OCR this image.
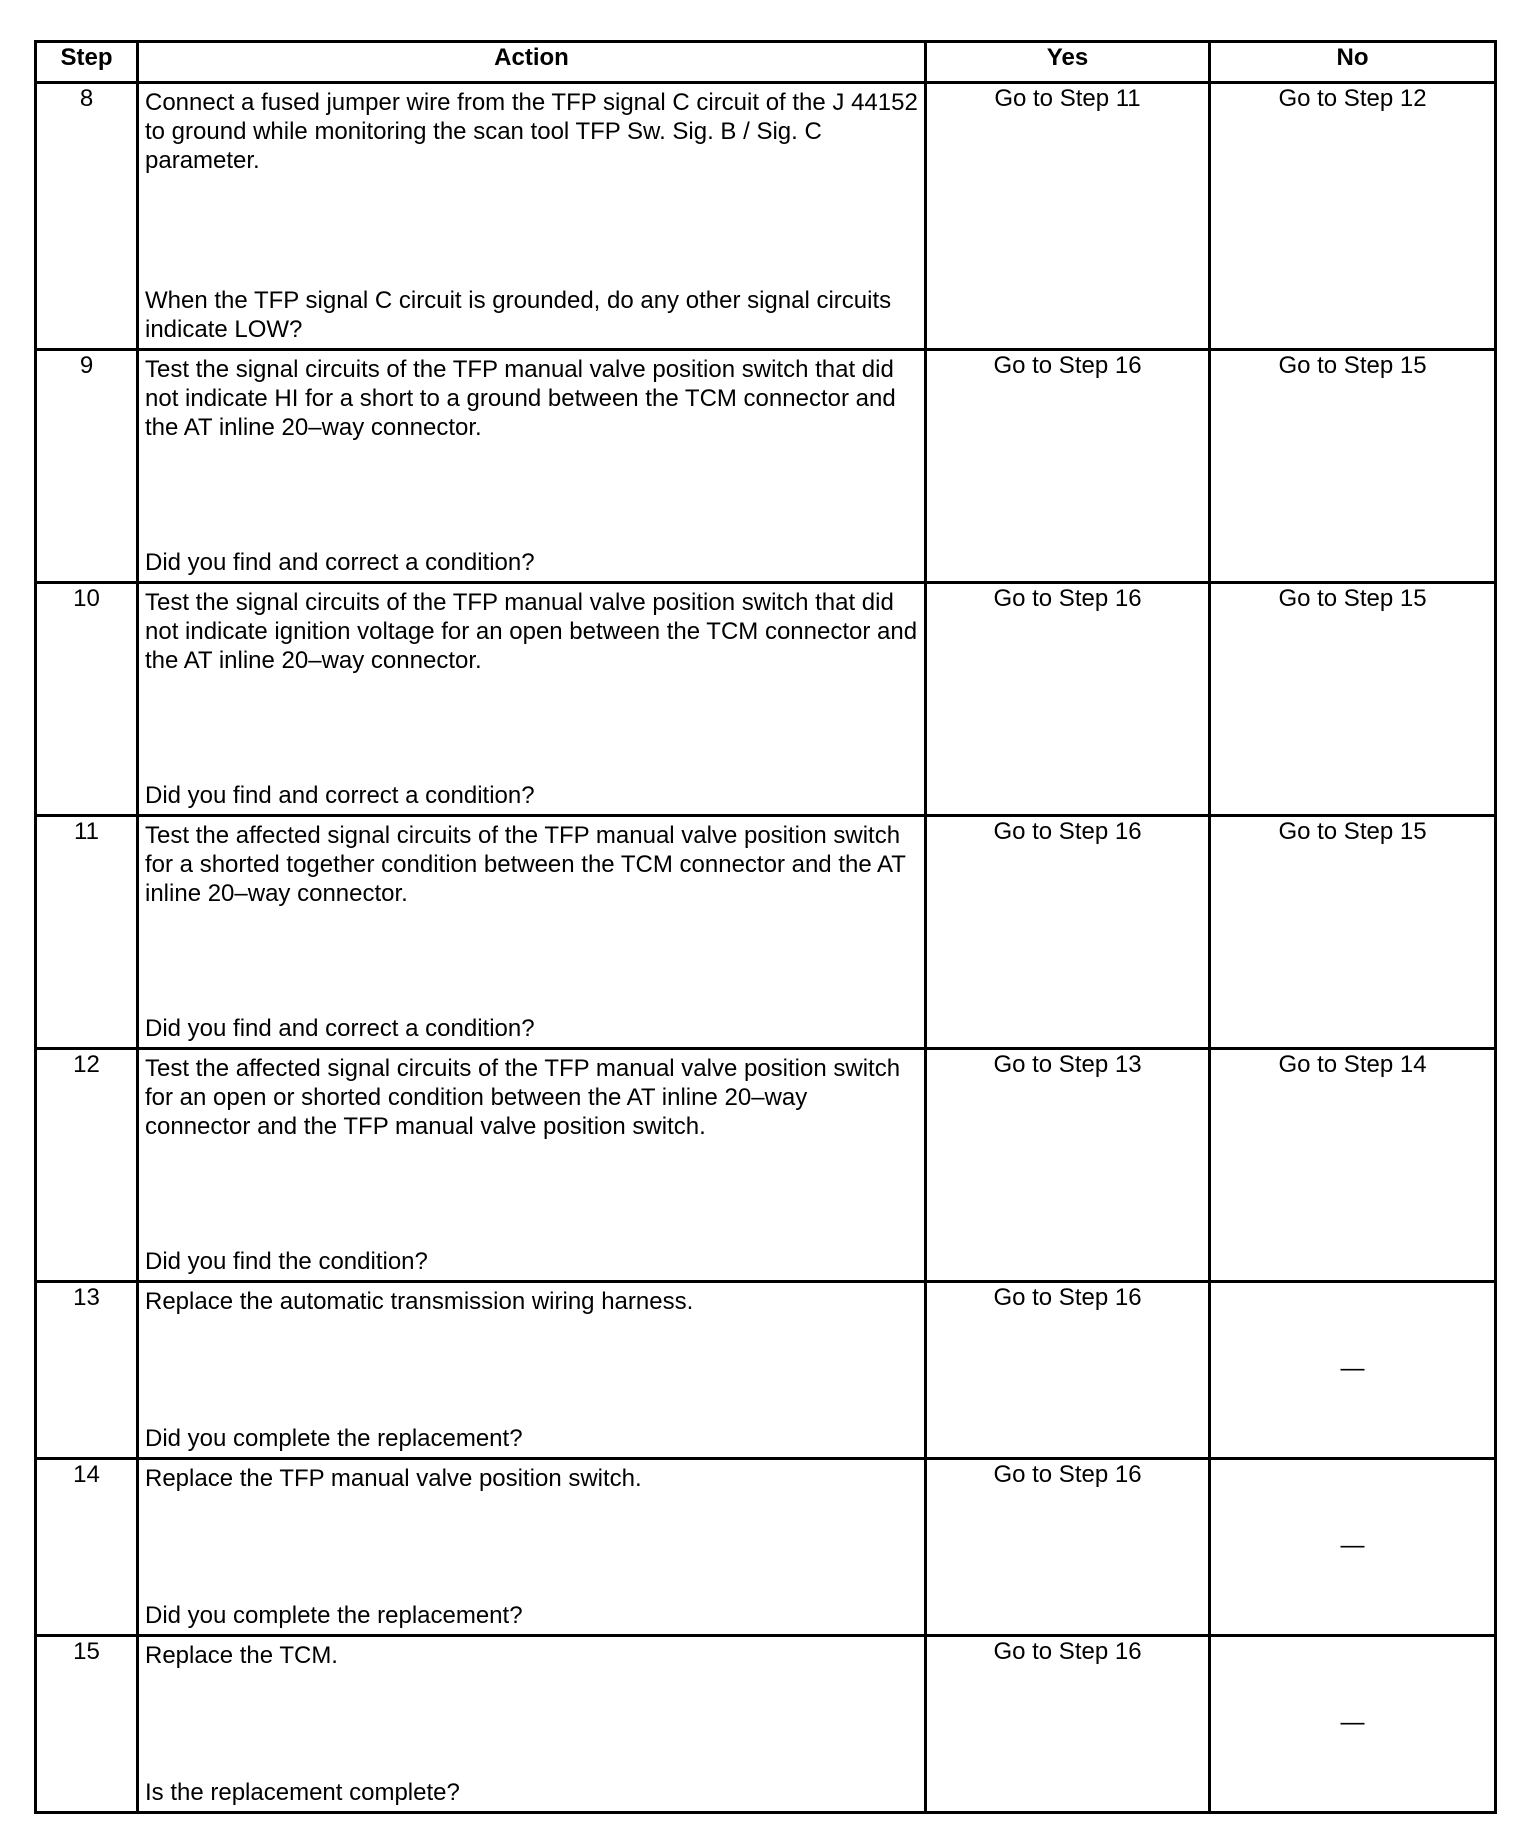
Step	Action	Yes	No
8	Connect a fused jumper wire from the TFP signal C circuit of the J 44152 to ground while monitoring the scan tool TFP Sw. Sig. B / Sig. C parameter.
When the TFP signal C circuit is grounded, do any other signal circuits indicate LOW?	Go to Step 11	Go to Step 12

9	Test the signal circuits of the TFP manual valve position switch that did not indicate HI for a short to a ground between the TCM connector and the AT inline 20–way connector.
Did you find and correct a condition?	Go to Step 16	Go to Step 15

10	Test the signal circuits of the TFP manual valve position switch that did not indicate ignition voltage for an open between the TCM connector and the AT inline 20–way connector.
Did you find and correct a condition?	Go to Step 16	Go to Step 15

11	Test the affected signal circuits of the TFP manual valve position switch for a shorted together condition between the TCM connector and the AT inline 20–way connector.
Did you find and correct a condition?	Go to Step 16	Go to Step 15

12	Test the affected signal circuits of the TFP manual valve position switch for an open or shorted condition between the AT inline 20–way connector and the TFP manual valve position switch.
Did you find the condition?	Go to Step 13	Go to Step 14

13	Replace the automatic transmission wiring harness.
Did you complete the replacement?	Go to Step 16	—

14	Replace the TFP manual valve position switch.
Did you complete the replacement?	Go to Step 16	—

15	Replace the TCM.
Is the replacement complete?	Go to Step 16	—
